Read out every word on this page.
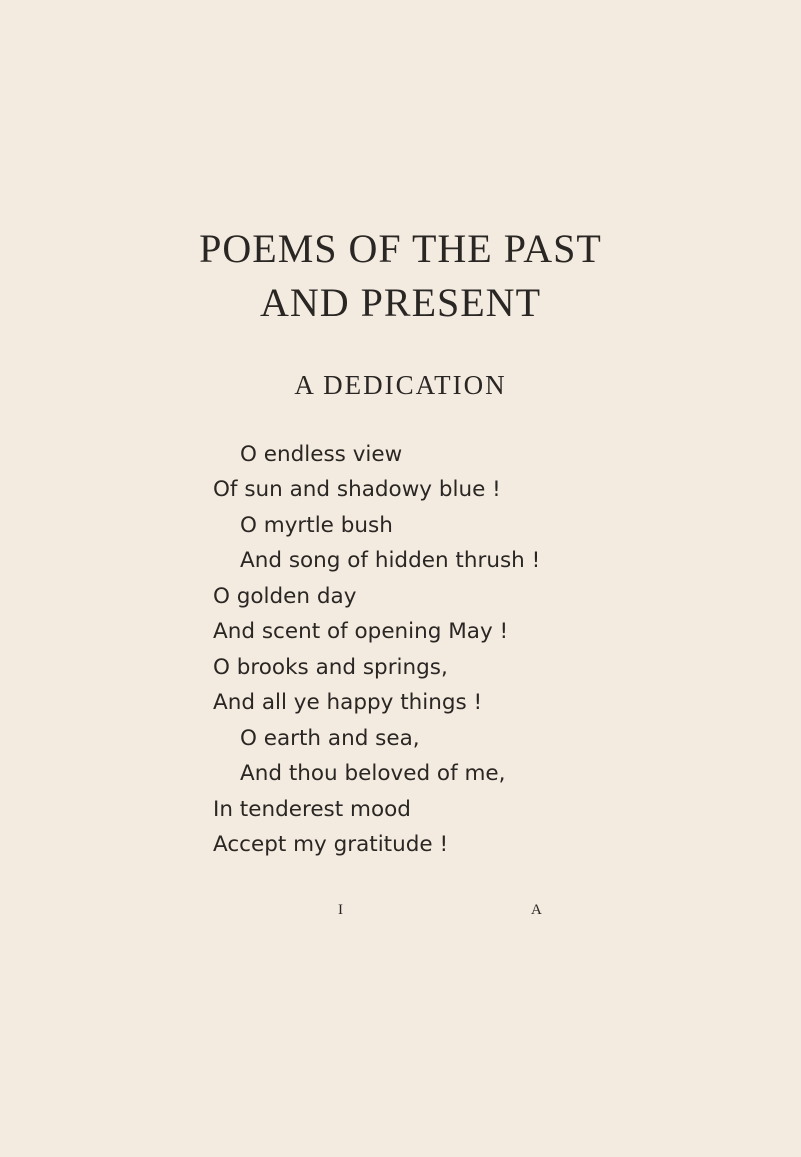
POEMS OF THE PAST
AND PRESENT
A DEDICATION
O endless view
Of sun and shadowy blue !
O myrtle bush
And song of hidden thrush !
O golden day
And scent of opening May !
O brooks and springs,
And all ye happy things !
O earth and sea,
And thou beloved of me,
In tenderest mood
Accept my gratitude !
I	A
